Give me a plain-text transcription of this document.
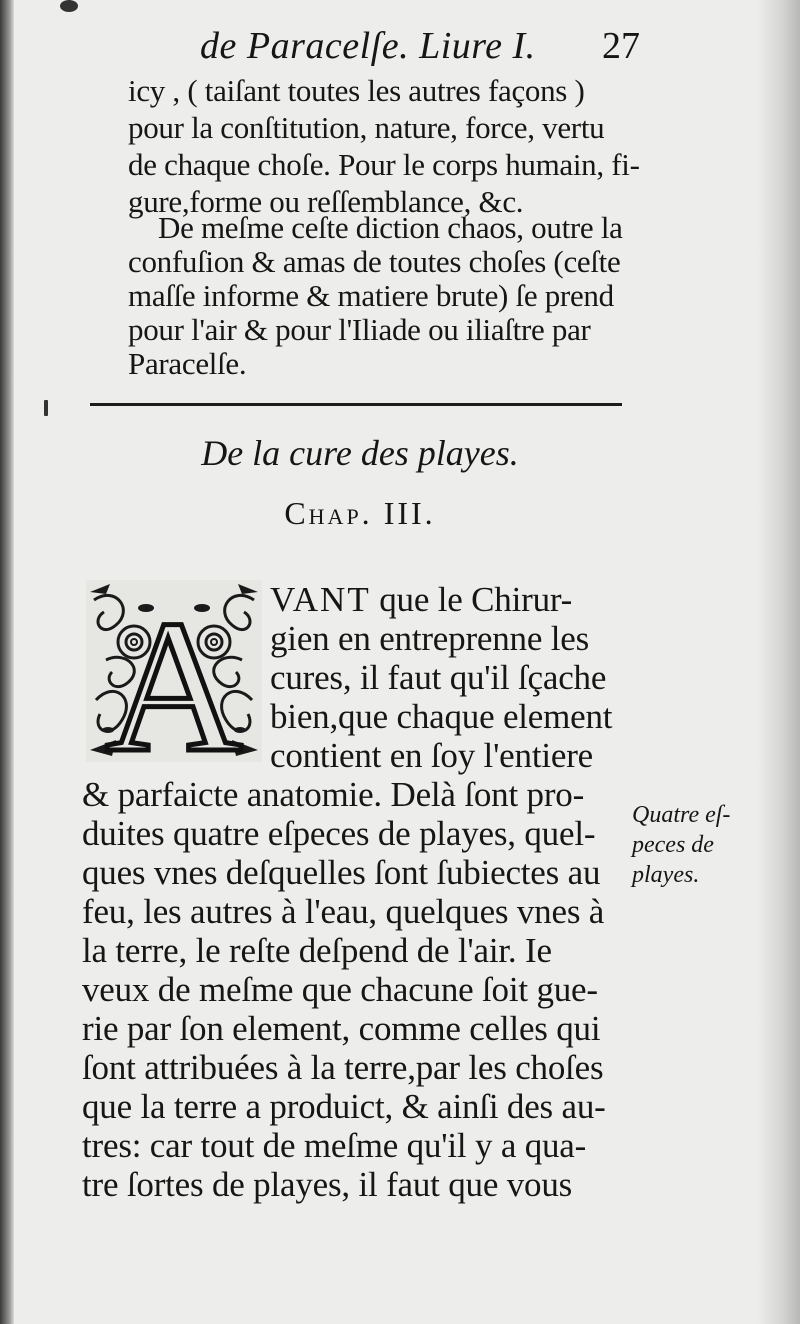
de Paracelſe. Liure I. 27
icy , ( taiſant toutes les autres façons )
pour la conſtitution, nature, force, vertu
de chaque choſe. Pour le corps humain, fi-
gure,forme ou reſſemblance, &c.
De meſme ceſte diction chaos, outre la
confuſion & amas de toutes choſes (ceſte
maſſe informe & matiere brute) ſe prend
pour l'air & pour l'Iliade ou iliaſtre par
Paracelſe.
De la cure des playes.
Chap. III.
A VANT que le Chirur-
gien en entreprenne les
cures, il faut qu'il ſçache
bien,que chaque element
contient en ſoy l'entiere
& parfaicte anatomie. Delà ſont pro-
duites quatre eſpeces de playes, quel-
ques vnes deſquelles ſont ſubiectes au
feu, les autres à l'eau, quelques vnes à
la terre, le reſte deſpend de l'air. Ie
veux de meſme que chacune ſoit gue-
rie par ſon element, comme celles qui
ſont attribuées à la terre,par les choſes
que la terre a produict, & ainſi des au-
tres: car tout de meſme qu'il y a qua-
tre ſortes de playes, il faut que vous
Quatre eſ-
peces de
playes.
